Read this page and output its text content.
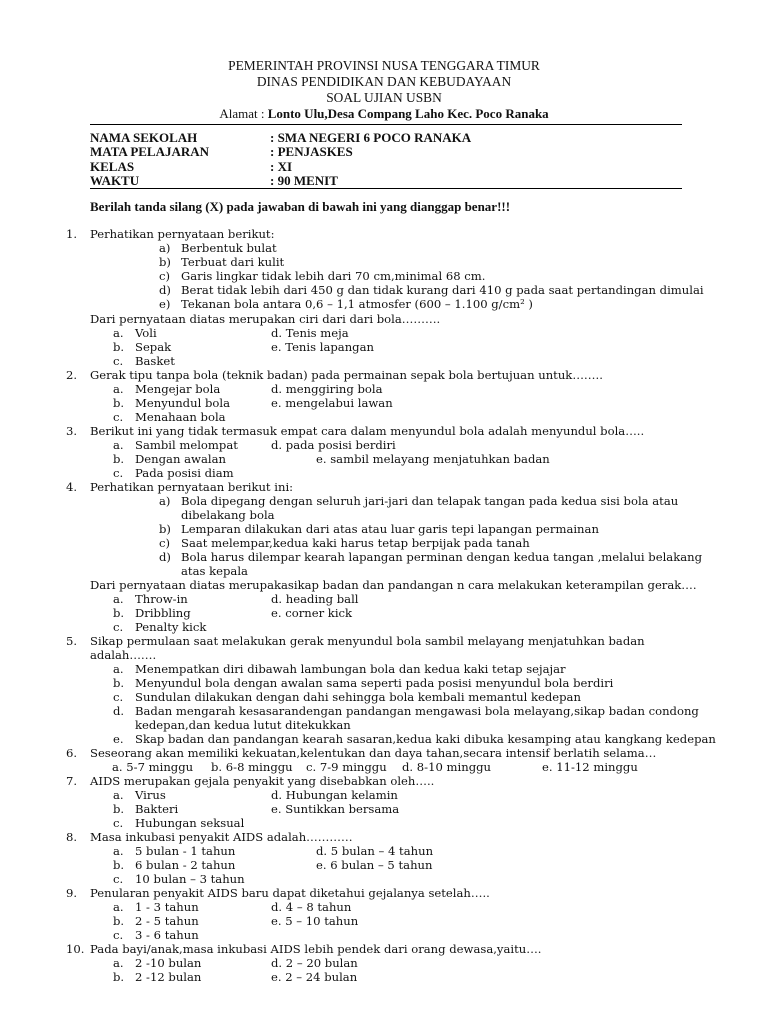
PEMERINTAH PROVINSI NUSA TENGGARA TIMUR
DINAS PENDIDIKAN DAN KEBUDAYAAN
SOAL UJIAN USBN
Alamat : Lonto Ulu,Desa Compang Laho Kec. Poco Ranaka
NAMA SEKOLAH	: SMA NEGERI 6 POCO RANAKA
MATA PELAJARAN	: PENJASKES
KELAS	: XI
WAKTU	: 90 MENIT
Berilah tanda silang (X) pada jawaban di bawah ini yang dianggap benar!!!
1. Perhatikan pernyataan berikut:
a) Berbentuk bulat
b) Terbuat dari kulit
c) Garis lingkar tidak lebih dari 70 cm,minimal 68 cm.
d) Berat tidak lebih dari 450 g dan tidak kurang dari 410 g pada saat pertandingan dimulai
e) Tekanan bola antara 0,6 – 1,1 atmosfer (600 – 1.100 g/cm² )
Dari pernyataan diatas merupakan ciri dari dari bola……….
a. Voli	d. Tenis meja
b. Sepak	e. Tenis lapangan
c. Basket
2. Gerak tipu tanpa bola (teknik badan) pada permainan sepak bola bertujuan untuk……..
a. Mengejar bola	d. menggiring bola
b. Menyundul bola	e. mengelabui lawan
c. Menahaan bola
3. Berikut ini yang tidak termasuk empat cara dalam menyundul bola adalah menyundul bola…..
a. Sambil melompat	d. pada posisi berdiri
b. Dengan awalan	e. sambil melayang menjatuhkan badan
c. Pada posisi diam
4. Perhatikan pernyataan berikut ini:
a) Bola dipegang dengan seluruh jari-jari dan telapak tangan pada kedua sisi bola atau
dibelakang bola
b) Lemparan dilakukan dari atas atau luar garis tepi lapangan permainan
c) Saat melempar,kedua kaki harus tetap berpijak pada tanah
d) Bola harus dilempar kearah lapangan perminan dengan kedua tangan ,melalui belakang
atas kepala
Dari pernyataan diatas merupakasikap badan dan pandangan n cara melakukan keterampilan gerak….
a. Throw-in	d. heading ball
b. Dribbling	e. corner kick
c. Penalty kick
5. Sikap permulaan saat melakukan gerak menyundul bola sambil melayang menjatuhkan badan
adalah…….
a. Menempatkan diri dibawah lambungan bola dan kedua kaki tetap sejajar
b. Menyundul bola dengan awalan sama seperti pada posisi menyundul bola berdiri
c. Sundulan dilakukan dengan dahi sehingga bola kembali memantul kedepan
d. Badan mengarah kesasarandengan pandangan mengawasi bola melayang,sikap badan condong
kedepan,dan kedua lutut ditekukkan
e. Skap badan dan pandangan kearah sasaran,kedua kaki dibuka kesamping atau kangkang kedepan
6. Seseorang akan memiliki kekuatan,kelentukan dan daya tahan,secara intensif berlatih selama…
a. 5-7 minggu b. 6-8 minggu c. 7-9 minggu d. 8-10 minggu	e. 11-12 minggu
7. AIDS merupakan gejala penyakit yang disebabkan oleh…..
a. Virus	d. Hubungan kelamin
b. Bakteri	e. Suntikkan bersama
c. Hubungan seksual
8. Masa inkubasi penyakit AIDS adalah…………
a. 5 bulan - 1 tahun	d. 5 bulan – 4 tahun
b. 6 bulan - 2 tahun	e. 6 bulan – 5 tahun
c. 10 bulan – 3 tahun
9. Penularan penyakit AIDS baru dapat diketahui gejalanya setelah…..
a. 1 - 3 tahun	d. 4 – 8 tahun
b. 2 - 5 tahun	e. 5 – 10 tahun
c. 3 - 6 tahun
10. Pada bayi/anak,masa inkubasi AIDS lebih pendek dari orang dewasa,yaitu….
a. 2 -10 bulan	d. 2 – 20 bulan
b. 2 -12 bulan	e. 2 – 24 bulan
